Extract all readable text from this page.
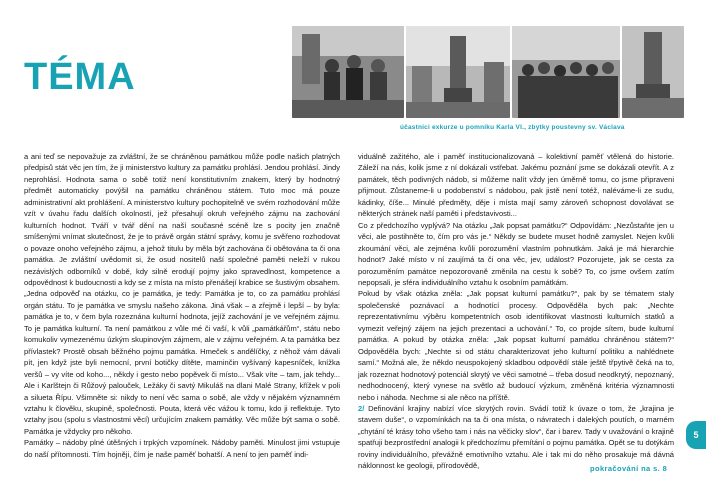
TÉMA
účastníci exkurze u pomníku Karla VI., zbytky poustevny sv. Václava

a ani teď se nepovažuje za zvláštní, že se chráněnou památkou může podle našich platných předpisů stát věc jen tím, že ji ministerstvo kultury za památku prohlásí. Jendou prohlásí. Jindy neprohlásí. Hodnota sama o sobě totiž není konstitutivním znakem, který by hodnotný předmět automaticky povýšil na památku chráněnou státem. Tuto moc má pouze administrativní akt prohlášení. A ministerstvo kultury pochopitelně ve svém rozhodování může vzít v úvahu řadu dalších okolností, jež přesahují okruh veřejného zájmu na zachování kulturních hodnot. Tváří v tvář dění na naší současné scéně lze s pocity jen značně smíšenými vnímat skutečnost, že je to právě orgán státní správy, komu je svěřeno rozhodovat o povaze onoho veřejného zájmu, a jehož titulu by měla být zachována či obětována ta či ona památka. Je zvláštní uvědomit si, že osud nositelů naší společné paměti neleží v rukou nezávislých odborníků v době, kdy silně erodují pojmy jako spravedlnost, kompetence a odpovědnost k budoucnosti a kdy se z místa na místo přenášejí krabice se šustivým obsahem.

„Jedna odpověď na otázku, co je památka, je tedy: Památka je to, co za památku prohlásí orgán státu. To je památka ve smyslu našeho zákona. Jiná však – a zřejmě i lepší – by byla: památka je to, v čem byla rozeznána kulturní hodnota, jejíž zachování je ve veřejném zájmu. To je památka kulturní. Ta není památkou z vůle mé či vaší, k vůli „památkářům“, státu nebo komukoliv vymezenému úzkým skupinovým zájmem, ale v zájmu veřejném. A ta památka bez přívlastek? Prostě obsah běžného pojmu památka. Hmeček s andělíčky, z něhož vám dávali pít, jen když jste byli nemocní, první botičky dítěte, maminčin vyšívaný kapesníček, knížka veršů – vy víte od koho..., někdy i gesto nebo popěvek či místo... Však víte – tam, jak tehdy... Ale i Karlštejn či Růžový palouček, Ležáky či savtý Mikuláš na dlani Malé Strany, křížek v poli a silueta Řípu. Všimněte si: nikdy to není věc sama o sobě, ale vždy v nějakém významném vztahu k člověku, skupině, společnosti. Pouta, která věc vážou k tomu, kdo ji reflektuje. Tyto vztahy jsou (spolu s vlastnostmi věcí) určujícím znakem památky. Věc může být sama o sobě. Památka je vždycky pro někoho.

Památky – nádoby plné útěšných i trpkých vzpomínek. Nádoby paměti. Minulost jimi vstupuje do naší přítomnosti. Tím hojněji, čím je naše paměť bohatší. A není to jen paměť indi-

viduálně zažitého, ale i paměť institucionalizovaná – kolektivní paměť vtělená do historie. Záleží na nás, kolik jsme z ní dokázali vstřebat. Jakému poznání jsme se dokázali otevřít. A z památek, těch podivných nádob, si můžeme nalít vždy jen úměrně tomu, co jsme připraveni přijmout. Zůstaneme-li u podobenství s nádobou, pak jistě není totéž, naléváme-li ze sudu, kádinky, číše... Minulé předměty, děje i místa mají samy zároveň schopnost dovolávat se některých stránek naší paměti i představivosti...

Co z předchozího vyplývá? Na otázku „Jak popsat památku?“ Odpovídám: „Nezůstaňte jen u věci, ale postihněte to, čím pro vás je.“ Někdy se budete muset hodně zamyslet. Nejen kvůli zkoumání věci, ale zejména kvůli porozumění vlastním pohnutkám. Jaká je má hierarchie hodnot? Jaké místo v ní zaujímá ta či ona věc, jev, událost? Pozorujete, jak se cesta za porozuměním památce nepozorovaně změnila na cestu k sobě? To, co jsme ovšem zatím nepopsali, je sféra individuálního vztahu k osobním památkám.

Pokud by však otázka zněla: „Jak popsat kulturní památku?“, pak by se tématem staly společenské poznávací a hodnotící procesy. Odpověděla bych pak: „Nechte reprezentativnímu výběru kompetentních osob identifikovat vlastnosti kulturních statků a vymezit veřejný zájem na jejich prezentaci a uchování.“ To, co projde sítem, bude kulturní památka. A pokud by otázka zněla: „Jak popsat kulturní památku chráněnou státem?“ Odpověděla bych: „Nechte si od státu charakterizovat jeho kulturní politiku a nahlédnete samí.“ Možná ale, že někdo neuspokojený skladbou odpovědí stále ještě třpytivě čeká na to, jak rozeznat hodnotový potenciál skrytý ve věci samotné – třeba dosud neodkrytý, nepoznaný, nedhodnocený, který vynese na světlo až budoucí výzkum, změněná kritéria významnosti nebo i náhoda. Nechme si ale něco na příště.

2/ Definování krajiny nabízí více skrytých rovin. Svádí totiž k úvaze o tom, že „krajina je stavem duše“, o vzpomínkách na ta či ona místa, o návratech i dalekých poutích, o marném „chytání té krásy toho všeho tam i nás na věčicky slov“, čar i barev. Tady v uvažování o krajině spatřuji bezprostřední analogii k předchozímu přemítání o pojmu památka. Opět se tu dotýkám roviny individuálního, převážně emotivního vztahu. Ale i tak mi do něho prosakuje má dávná náklonnost ke geologii, přírodovědě,	pokračování na s. 8
5
